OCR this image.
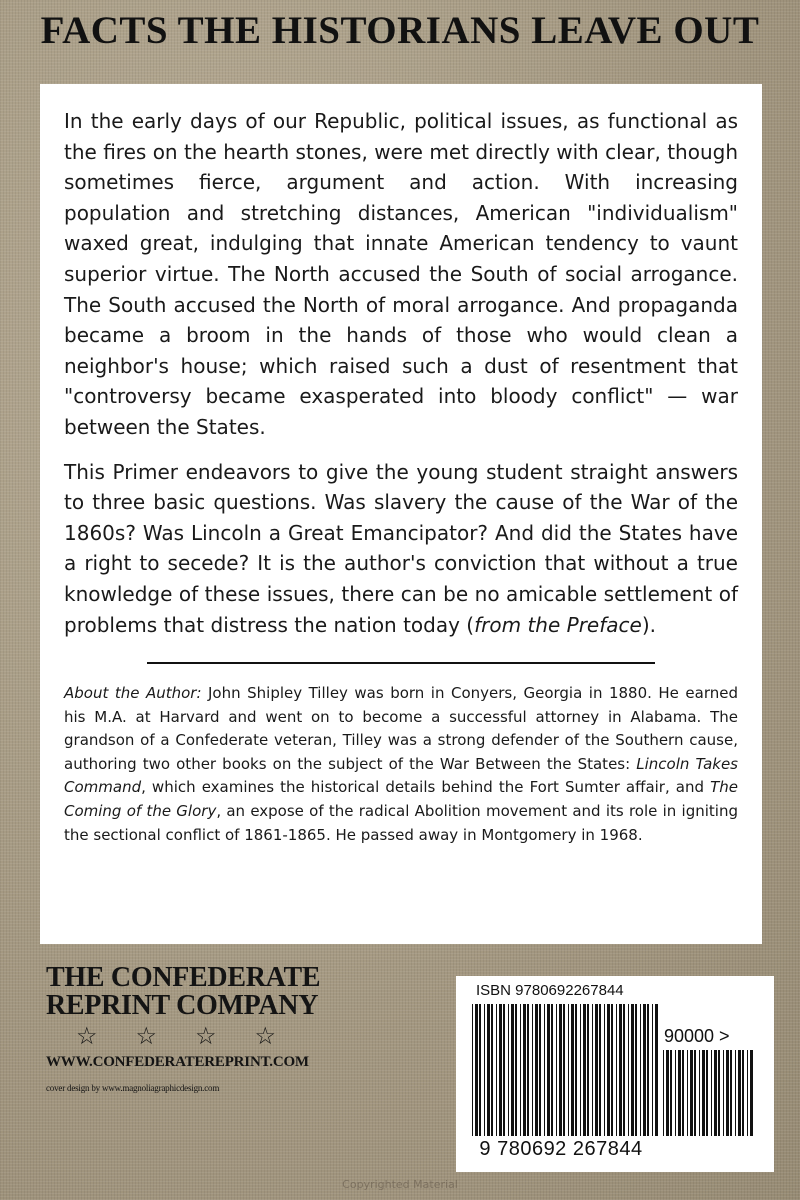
FACTS THE HISTORIANS LEAVE OUT

In the early days of our Republic, political issues, as functional as the fires on the hearth stones, were met directly with clear, though sometimes fierce, argument and action. With increasing population and stretching distances, American "individualism" waxed great, indulging that innate American tendency to vaunt superior virtue. The North accused the South of social arrogance. The South accused the North of moral arrogance. And propaganda became a broom in the hands of those who would clean a neighbor's house; which raised such a dust of resentment that "controversy became exasperated into bloody conflict" — war between the States.

This Primer endeavors to give the young student straight answers to three basic questions. Was slavery the cause of the War of the 1860s? Was Lincoln a Great Emancipator? And did the States have a right to secede? It is the author's conviction that without a true knowledge of these issues, there can be no amicable settlement of problems that distress the nation today (from the Preface).

About the Author: John Shipley Tilley was born in Conyers, Georgia in 1880. He earned his M.A. at Harvard and went on to become a successful attorney in Alabama. The grandson of a Confederate veteran, Tilley was a strong defender of the Southern cause, authoring two other books on the subject of the War Between the States: Lincoln Takes Command, which examines the historical details behind the Fort Sumter affair, and The Coming of the Glory, an expose of the radical Abolition movement and its role in igniting the sectional conflict of 1861-1865. He passed away in Montgomery in 1968.

THE CONFEDERATE
REPRINT COMPANY
☆☆☆☆
WWW.CONFEDERATEREPRINT.COM
cover design by www.magnoliagraphicdesign.com
ISBN 9780692267844
90000 >
9 780692 267844
Copyrighted Material
